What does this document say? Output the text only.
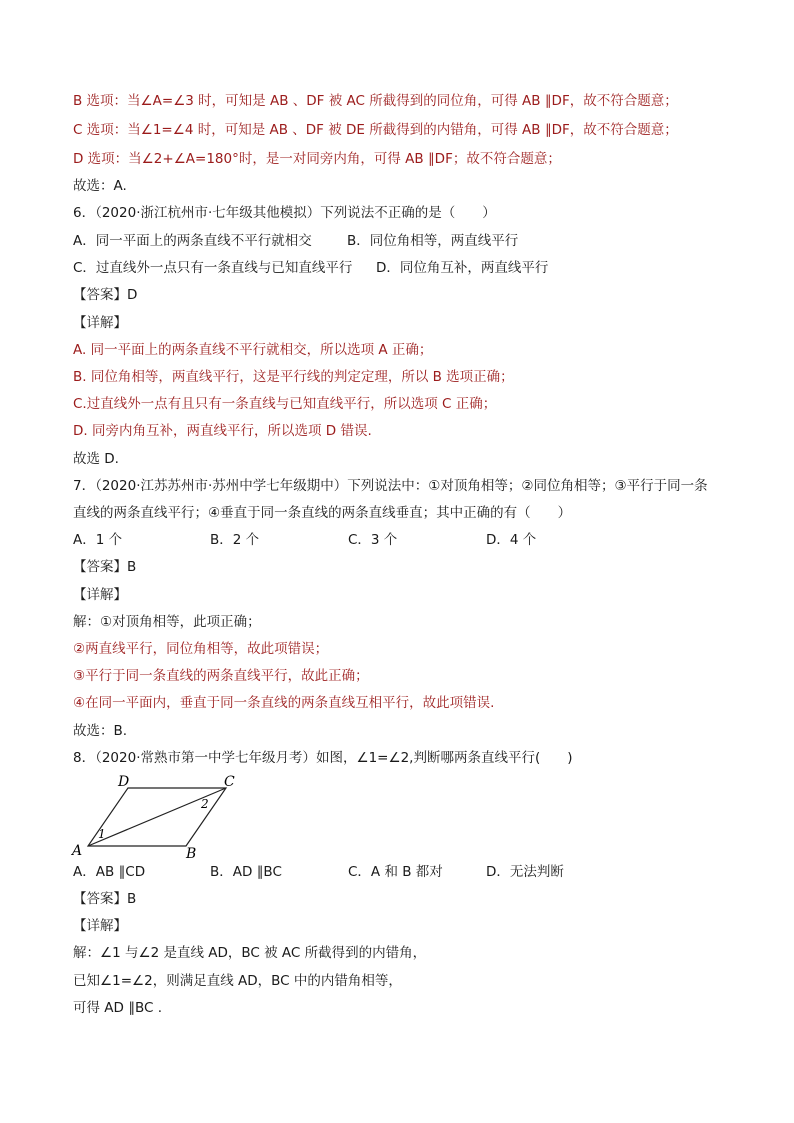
B 选项：当∠A=∠3 时，可知是 AB 、DF 被 AC 所截得到的同位角，可得 AB ∥DF，故不符合题意；
C 选项：当∠1=∠4 时，可知是 AB 、DF 被 DE 所截得到的内错角，可得 AB ∥DF，故不符合题意；
D 选项：当∠2+∠A=180°时，是一对同旁内角，可得 AB ∥DF；故不符合题意；
故选：A.
6．（2020·浙江杭州市·七年级其他模拟）下列说法不正确的是（　　）
A．同一平面上的两条直线不平行就相交	B．同位角相等，两直线平行
C．过直线外一点只有一条直线与已知直线平行 D．同位角互补，两直线平行
【答案】D
【详解】
A. 同一平面上的两条直线不平行就相交，所以选项 A 正确；
B. 同位角相等，两直线平行，这是平行线的判定定理，所以 B 选项正确；
C.过直线外一点有且只有一条直线与已知直线平行，所以选项 C 正确；
D. 同旁内角互补，两直线平行，所以选项 D 错误.
故选 D.
7．（2020·江苏苏州市·苏州中学七年级期中）下列说法中：①对顶角相等；②同位角相等；③平行于同一条
直线的两条直线平行；④垂直于同一条直线的两条直线垂直；其中正确的有（　　）
A．1 个	B．2 个	C．3 个	D．4 个
【答案】B
【详解】
解：①对顶角相等，此项正确；
②两直线平行，同位角相等，故此项错误；
③平行于同一条直线的两条直线平行，故此正确；
④在同一平面内，垂直于同一条直线的两条直线互相平行，故此项错误.
故选：B.
8．（2020·常熟市第一中学七年级月考）如图，∠1=∠2,判断哪两条直线平行(　　)
A	B
C
D
1
2
A．AB ∥CD	B．AD ∥BC	C．A 和 B 都对	D．无法判断
【答案】B
【详解】
解：∠1 与∠2 是直线 AD，BC 被 AC 所截得到的内错角，
已知∠1=∠2，则满足直线 AD，BC 中的内错角相等，
可得 AD ∥BC .
